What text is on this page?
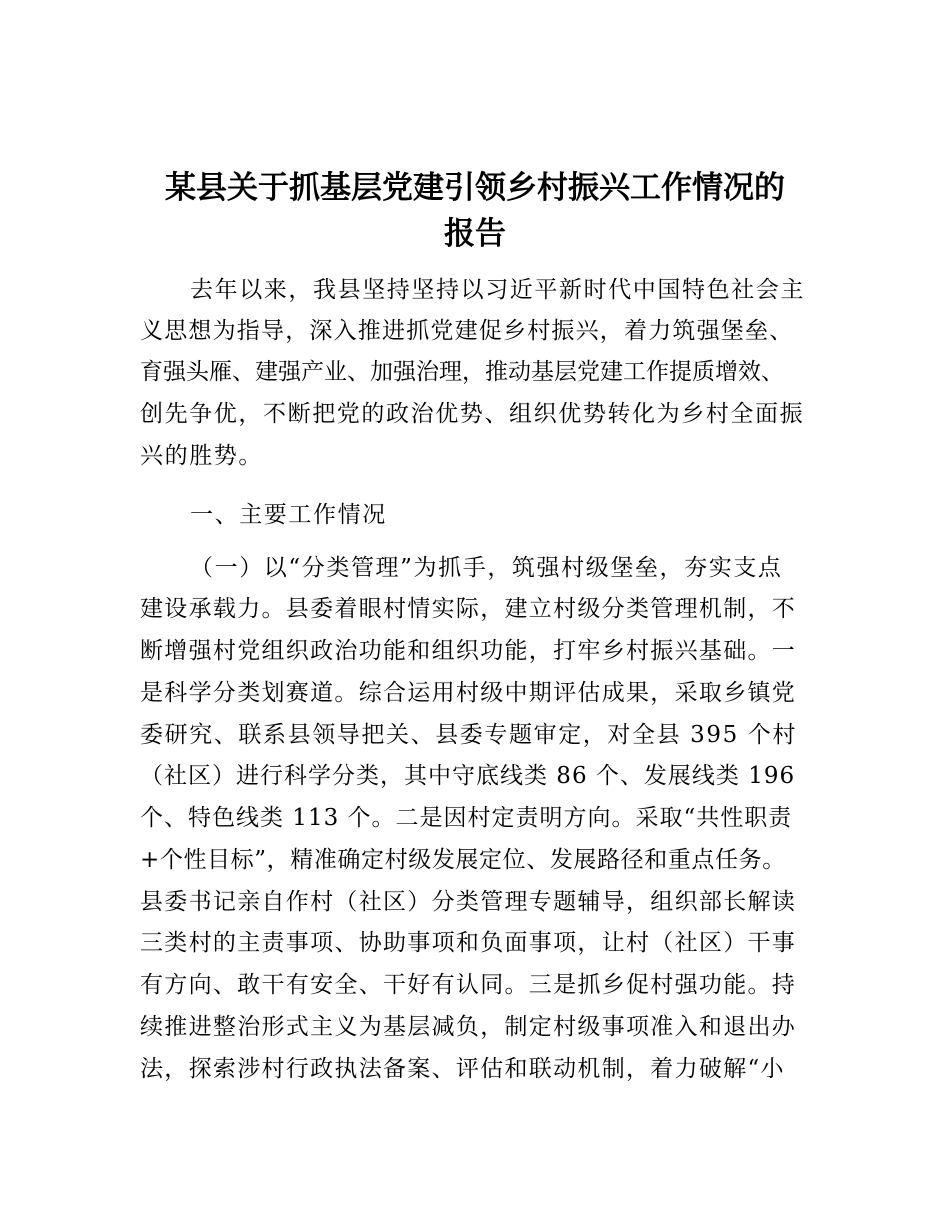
某县关于抓基层党建引领乡村振兴工作情况的
报告

去年以来，我县坚持坚持以习近平新时代中国特色社会主

义思想为指导，深入推进抓党建促乡村振兴，着力筑强堡垒、

育强头雁、建强产业、加强治理，推动基层党建工作提质增效、

创先争优，不断把党的政治优势、组织优势转化为乡村全面振

兴的胜势。

一、主要工作情况

（一）以“分类管理”为抓手，筑强村级堡垒，夯实支点

建设承载力。县委着眼村情实际，建立村级分类管理机制，不

断增强村党组织政治功能和组织功能，打牢乡村振兴基础。一

是科学分类划赛道。综合运用村级中期评估成果，采取乡镇党

委研究、联系县领导把关、县委专题审定，对全县 395 个村

（社区）进行科学分类，其中守底线类 86 个、发展线类 196

个、特色线类 113 个。二是因村定责明方向。采取“共性职责

+个性目标”，精准确定村级发展定位、发展路径和重点任务。

县委书记亲自作村（社区）分类管理专题辅导，组织部长解读

三类村的主责事项、协助事项和负面事项，让村（社区）干事

有方向、敢干有安全、干好有认同。三是抓乡促村强功能。持

续推进整治形式主义为基层减负，制定村级事项准入和退出办

法，探索涉村行政执法备案、评估和联动机制，着力破解“小
